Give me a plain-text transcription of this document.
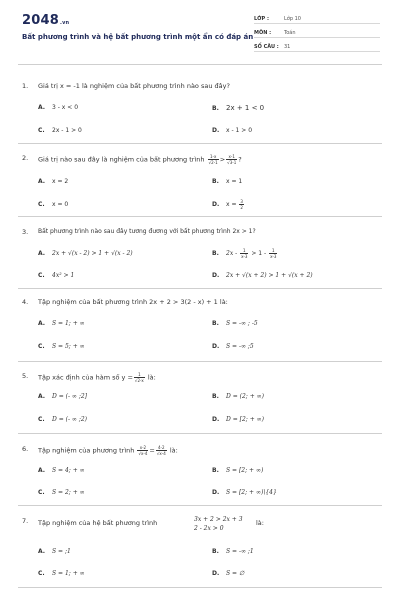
2048.vn
Bất phương trình và hệ bất phương trình một ẩn có đáp án
LỚP :	Lớp 10
MÔN :	Toán
SỐ CÂU : 31
1. Giá trị x = -1 là nghiệm của bất phương trình nào sau đây?
A. 3 - x < 0	B. 2x + 1 < 0
C. 2x - 1 > 0	D. x - 1 > 0
2. Giá trị nào sau đây là nghiệm của bất phương trình $\frac{1-x}{√2-1} > \frac{x-1}{√3-1}$ ?
A. x = 2	B. x = 1
C. x = 0	D. $x = \frac{3}{2}$
3. Bất phương trình nào sau đây tương đương với bất phương trình 2x > 1?
A. 2x + √(x - 2) > 1 + √(x - 2)	B. $2x - \frac{1}{x-3} > 1 - \frac{1}{x-3}$
C. 4x² > 1	D. 2x + √(x + 2) > 1 + √(x + 2)
4. Tập nghiệm của bất phương trình 2x + 2 > 3(2 - x) + 1 là:
A. S = 1; + ∞	B. S = -∞ ; -5
C. S = 5; + ∞	D. S = -∞ ;5
5. Tập xác định của hàm số $y = \frac{1}{√2-x}$ là:
A. D = (- ∞ ;2]	B. D = (2; + ∞)
C. D = (- ∞ ;2)	D. D = [2; + ∞)
6. Tập nghiệm của phương trình $\frac{x-2}{√x-4} = \frac{4-2}{√x-4}$ là:
A. S = 4; + ∞	B. S = [2; + ∞)
C. S = 2; + ∞	D. S = [2; + ∞)\{4}
7. Tập nghiệm của hệ bất phương trình	3x + 2 > 2x + 3
2 - 2x > 0
là:
A. S = ;1	B. S = -∞ ;1
C. S = 1; + ∞	D. S = ∅
